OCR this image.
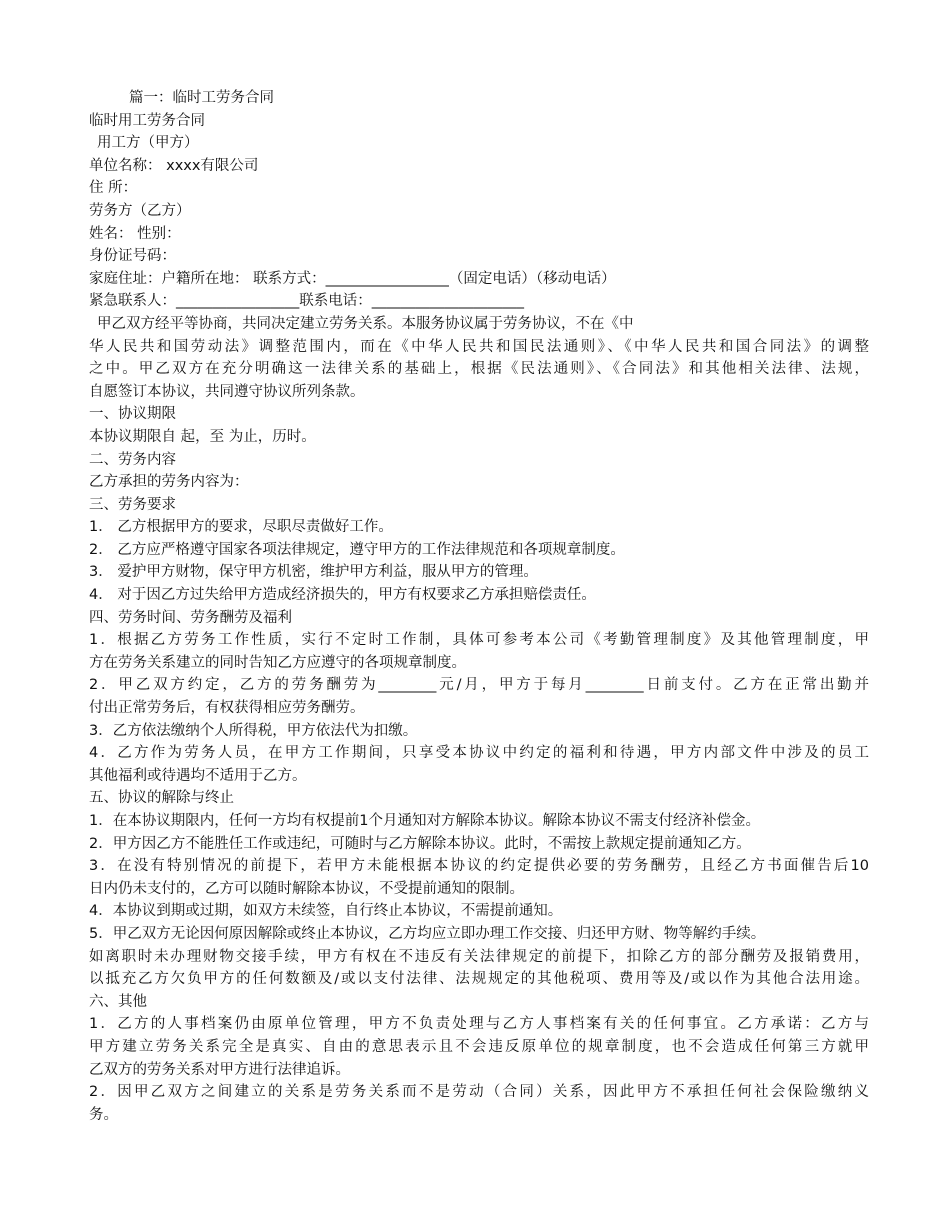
篇一：临时工劳务合同
临时用工劳务合同
用工方（甲方）
单位名称： xxxx有限公司
住 所：
劳务方（乙方）
姓名： 性别：
身份证号码：
家庭住址：户籍所在地： 联系方式：_________________（固定电话）（移动电话）
紧急联系人：_________________联系电话：_____________________
甲乙双方经平等协商，共同决定建立劳务关系。本服务协议属于劳务协议，不在《中
华人民共和国劳动法》调整范围内，而在《中华人民共和国民法通则》、《中华人民共和国合同法》的调整
之中。甲乙双方在充分明确这一法律关系的基础上，根据《民法通则》、《合同法》和其他相关法律、法规，
自愿签订本协议，共同遵守协议所列条款。
一、协议期限
本协议期限自 起，至 为止，历时。
二、劳务内容
乙方承担的劳务内容为：
三、劳务要求
1． 乙方根据甲方的要求，尽职尽责做好工作。
2． 乙方应严格遵守国家各项法律规定，遵守甲方的工作法律规范和各项规章制度。
3． 爱护甲方财物，保守甲方机密，维护甲方利益，服从甲方的管理。
4． 对于因乙方过失给甲方造成经济损失的，甲方有权要求乙方承担赔偿责任。
四、劳务时间、劳务酬劳及福利
1．根据乙方劳务工作性质，实行不定时工作制，具体可参考本公司《考勤管理制度》及其他管理制度，甲
方在劳务关系建立的同时告知乙方应遵守的各项规章制度。
2．甲乙双方约定，乙方的劳务酬劳为________元/月，甲方于每月________日前支付。乙方在正常出勤并
付出正常劳务后，有权获得相应劳务酬劳。
3．乙方依法缴纳个人所得税，甲方依法代为扣缴。
4．乙方作为劳务人员，在甲方工作期间，只享受本协议中约定的福利和待遇，甲方内部文件中涉及的员工
其他福利或待遇均不适用于乙方。
五、协议的解除与终止
1．在本协议期限内，任何一方均有权提前1个月通知对方解除本协议。解除本协议不需支付经济补偿金。
2．甲方因乙方不能胜任工作或违纪，可随时与乙方解除本协议。此时，不需按上款规定提前通知乙方。
3．在没有特别情况的前提下，若甲方未能根据本协议的约定提供必要的劳务酬劳，且经乙方书面催告后10
日内仍未支付的，乙方可以随时解除本协议，不受提前通知的限制。
4．本协议到期或过期，如双方未续签，自行终止本协议，不需提前通知。
5．甲乙双方无论因何原因解除或终止本协议，乙方均应立即办理工作交接、归还甲方财、物等解约手续。
如离职时未办理财物交接手续，甲方有权在不违反有关法律规定的前提下，扣除乙方的部分酬劳及报销费用，
以抵充乙方欠负甲方的任何数额及/或以支付法律、法规规定的其他税项、费用等及/或以作为其他合法用途。
六、其他
1．乙方的人事档案仍由原单位管理，甲方不负责处理与乙方人事档案有关的任何事宜。乙方承诺：乙方与
甲方建立劳务关系完全是真实、自由的意思表示且不会违反原单位的规章制度，也不会造成任何第三方就甲
乙双方的劳务关系对甲方进行法律追诉。
2．因甲乙双方之间建立的关系是劳务关系而不是劳动（合同）关系，因此甲方不承担任何社会保险缴纳义
务。
